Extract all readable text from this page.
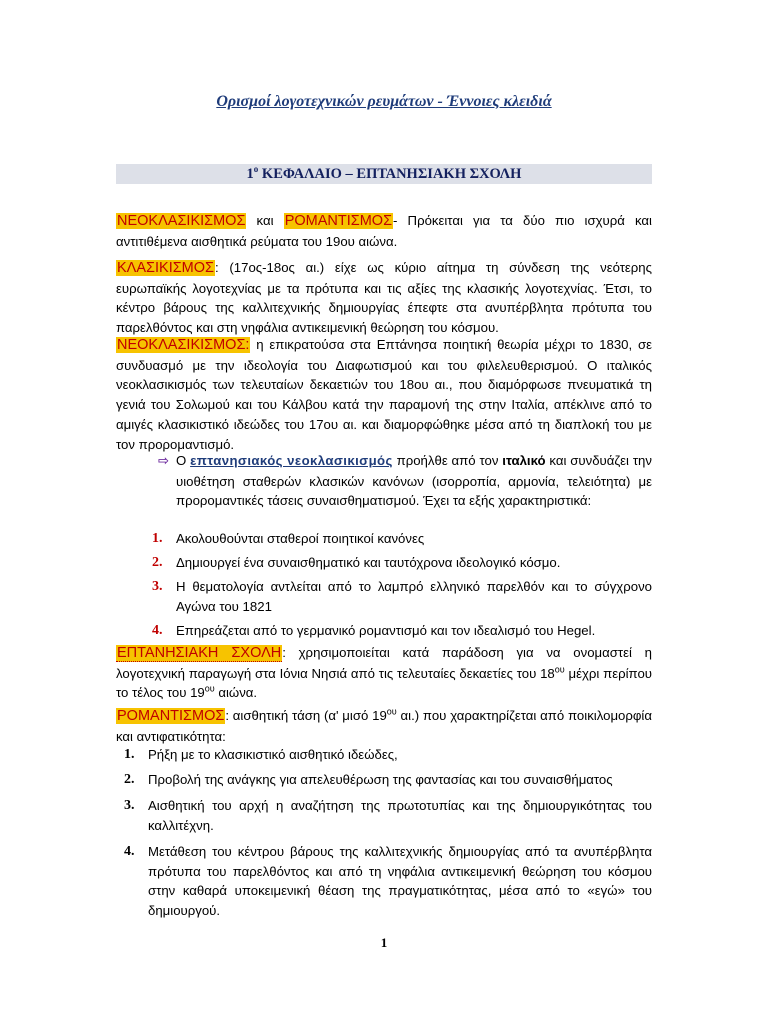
Ορισμοί λογοτεχνικών ρευμάτων - Έννοιες κλειδιά
$1^o$ ΚΕΦΑΛΑΙΟ – ΕΠΤΑΝΗΣΙΑΚΗ ΣΧΟΛΗ
ΝΕΟΚΛΑΣΙΚΙΣΜΟΣ και ΡΟΜΑΝΤΙΣΜΟΣ- Πρόκειται για τα δύο πιο ισχυρά και αντιτιθέμενα αισθητικά ρεύματα του 19ου αιώνα.
ΚΛΑΣΙΚΙΣΜΟΣ: (17ος-18ος αι.) είχε ως κύριο αίτημα τη σύνδεση της νεότερης ευρωπαϊκής λογοτεχνίας με τα πρότυπα και τις αξίες της κλασικής λογοτεχνίας. Έτσι, το κέντρο βάρους της καλλιτεχνικής δημιουργίας έπεφτε στα ανυπέρβλητα πρότυπα του παρελθόντος και στη νηφάλια αντικειμενική θεώρηση του κόσμου.
ΝΕΟΚΛΑΣΙΚΙΣΜΟΣ: η επικρατούσα στα Επτάνησα ποιητική θεωρία μέχρι το 1830, σε συνδυασμό με την ιδεολογία του Διαφωτισμού και του φιλελευθερισμού. Ο ιταλικός νεοκλασικισμός των τελευταίων δεκαετιών του 18ου αι., που διαμόρφωσε πνευματικά τη γενιά του Σολωμού και του Κάλβου κατά την παραμονή της στην Ιταλία, απέκλινε από το αμιγές κλασικιστικό ιδεώδες του 17ου αι. και διαμορφώθηκε μέσα από τη διαπλοκή του με τον προρομαντισμό.
⇨ Ο επτανησιακός νεοκλασικισμός προήλθε από τον ιταλικό και συνδυάζει την υιοθέτηση σταθερών κλασικών κανόνων (ισορροπία, αρμονία, τελειότητα) με προρομαντικές τάσεις συναισθηματισμού. Έχει τα εξής χαρακτηριστικά:
1. Ακολουθούνται σταθεροί ποιητικοί κανόνες
2. Δημιουργεί ένα συναισθηματικό και ταυτόχρονα ιδεολογικό κόσμο.
3. Η θεματολογία αντλείται από το λαμπρό ελληνικό παρελθόν και το σύγχρονο Αγώνα του 1821
4. Επηρεάζεται από το γερμανικό ρομαντισμό και τον ιδεαλισμό του Hegel.
ΕΠΤΑΝΗΣΙΑΚΗ ΣΧΟΛΗ: χρησιμοποιείται κατά παράδοση για να ονομαστεί η λογοτεχνική παραγωγή στα Ιόνια Νησιά από τις τελευταίες δεκαετίες του $18^{o\upsilon}$ μέχρι περίπου το τέλος του $19^{o\upsilon}$ αιώνα.
ΡΟΜΑΝΤΙΣΜΟΣ: αισθητική τάση (α' μισό $19^{o\upsilon}$ αι.) που χαρακτηρίζεται από ποικιλομορφία και αντιφατικότητα:
1. Ρήξη με το κλασικιστικό αισθητικό ιδεώδες,
2. Προβολή της ανάγκης για απελευθέρωση της φαντασίας και του συναισθήματος
3. Αισθητική του αρχή η αναζήτηση της πρωτοτυπίας και της δημιουργικότητας του καλλιτέχνη.
4. Μετάθεση του κέντρου βάρους της καλλιτεχνικής δημιουργίας από τα ανυπέρβλητα πρότυπα του παρελθόντος και από τη νηφάλια αντικειμενική θεώρηση του κόσμου στην καθαρά υποκειμενική θέαση της πραγματικότητας, μέσα από το «εγώ» του δημιουργού.
1
